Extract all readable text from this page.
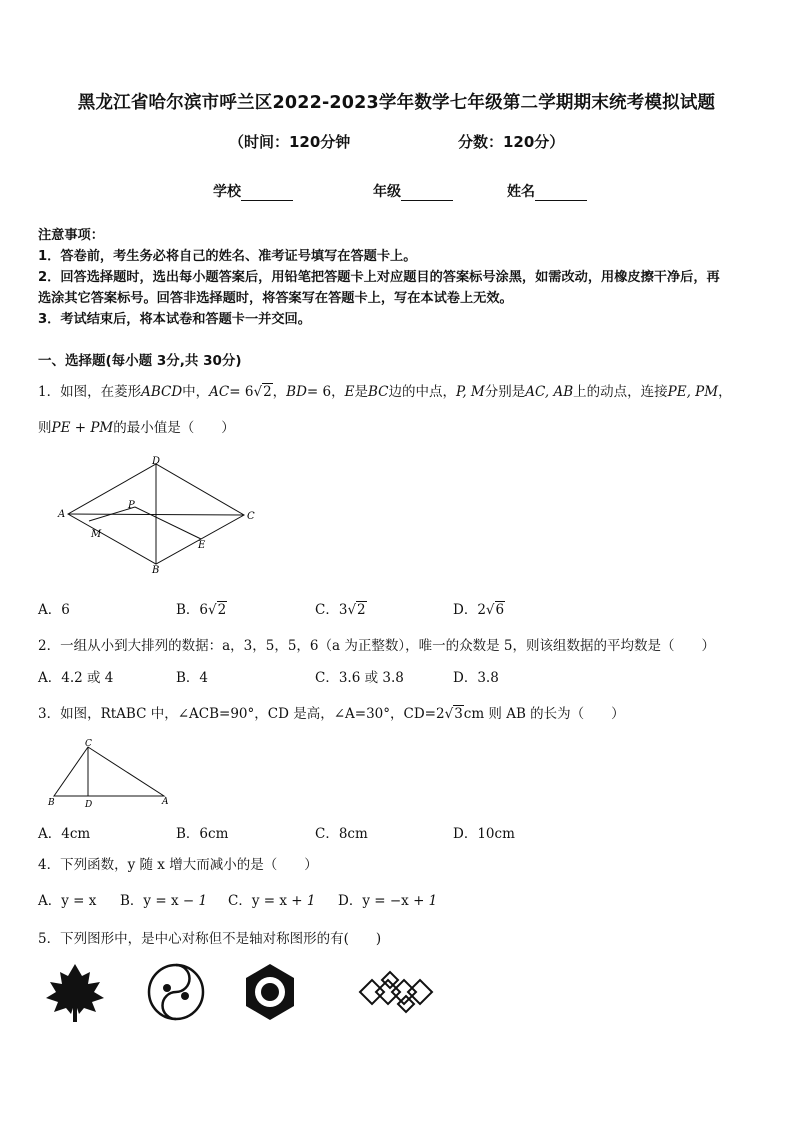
黑龙江省哈尔滨市呼兰区2022-2023学年数学七年级第二学期期末统考模拟试题
（时间：120分钟	分数：120分）
学校	年级	姓名
注意事项：
1．答卷前，考生务必将自己的姓名、准考证号填写在答题卡上。
2．回答选择题时，选出每小题答案后，用铅笔把答题卡上对应题目的答案标号涂黑，如需改动，用橡皮擦干净后，再
选涂其它答案标号。回答非选择题时，将答案写在答题卡上，写在本试卷上无效。
3．考试结束后，将本试卷和答题卡一并交回。
一、选择题(每小题 3分,共 30分)
1．如图，在菱形ABCD中，AC= 6√2，BD= 6，E是BC边的中点，P, M分别是AC, AB上的动点，连接PE, PM，
则PE + PM的最小值是（　　）
D
A	C
B
P
M
E
A．6	B．6√2	C．3√2	D．2√6
2．一组从小到大排列的数据：a，3，5，5，6（a 为正整数），唯一的众数是 5，则该组数据的平均数是（　　）
A．4.2 或 4	B．4	C．3.6 或 3.8	D．3.8
3．如图，RtABC 中，∠ACB=90°，CD 是高，∠A=30°，CD=2√3cm 则 AB 的长为（　　）
C
B	D	A
A．4cm	B．6cm	C．8cm	D．10cm
4．下列函数，y 随 x 增大而减小的是（　　）
A．y = x B．y = x − 1 C．y = x + 1 D．y = −x + 1
5．下列图形中，是中心对称但不是轴对称图形的有(　　)
